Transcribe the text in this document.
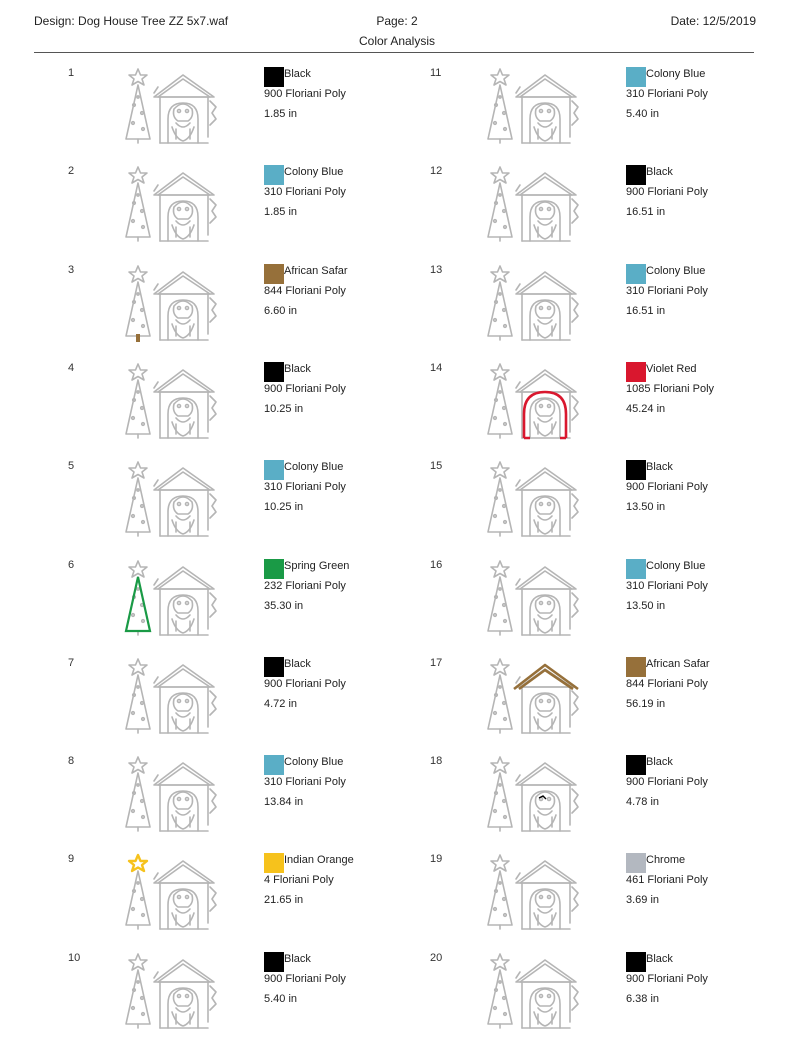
Design: Dog House Tree ZZ 5x7.waf	Page: 2
Color Analysis
Date: 12/5/2019
1	Black
900 Floriani Poly
1.85 in
2	Colony Blue
310 Floriani Poly
1.85 in
3	African Safar
844 Floriani Poly
6.60 in
4	Black
900 Floriani Poly
10.25 in
5	Colony Blue
310 Floriani Poly
10.25 in
6	Spring Green
232 Floriani Poly
35.30 in
7	Black
900 Floriani Poly
4.72 in
8	Colony Blue
310 Floriani Poly
13.84 in
9	Indian Orange
4 Floriani Poly
21.65 in
10	Black
900 Floriani Poly
5.40 in
11	Colony Blue
310 Floriani Poly
5.40 in
12	Black
900 Floriani Poly
16.51 in
13	Colony Blue
310 Floriani Poly
16.51 in
14	Violet Red
1085 Floriani Poly
45.24 in
15	Black
900 Floriani Poly
13.50 in
16	Colony Blue
310 Floriani Poly
13.50 in
17	African Safar
844 Floriani Poly
56.19 in
18	Black
900 Floriani Poly
4.78 in
19	Chrome
461 Floriani Poly
3.69 in
20	Black
900 Floriani Poly
6.38 in
